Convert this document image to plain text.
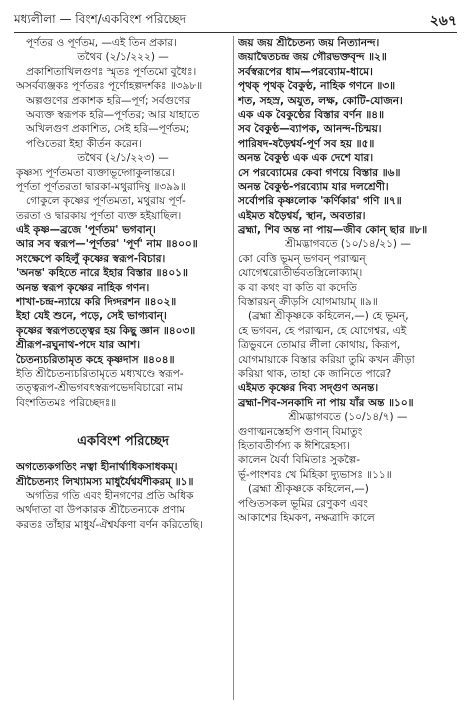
মধ্যলীলা — বিংশ/একবিংশ পরিচ্ছেদ	২৬৭
পূর্ণতর ও পূর্ণতম, —এই তিন প্রকার।
তথৈব (২/১/২২২) —
প্রকাশিতাখিলগুণঃ স্মৃতঃ পূর্ণতমো বুধৈঃ।
অসর্বব্যঞ্জকঃ পূর্ণতরঃ পূর্ণোহল্পদর্শকঃ ॥৩৯৮॥
অল্পগুণের প্রকাশক হরি—পূর্ণ; সর্বগুণের
অব্যক্ত স্বরূপক হরি—পূর্ণতর; আর যাহাতে
অখিলগুণ প্রকাশিত, সেই হরি—পূর্ণতম;
পণ্ডিতেরা ইহা কীর্তন করেন।
তথৈব (২/১/২২৩) —
কৃষ্ণস্য পূর্ণতমতা ব্যক্তাভূদ্গোকুলান্তরে।
পূর্ণতা পূর্ণতরতা দ্বারকা-মথুরাদিষু ॥৩৯৯॥
গোকুলে কৃষ্ণের পূর্ণতমতা, মথুরায় পূর্ণ-
তরতা ও দ্বারকায় পূর্ণতা ব্যক্ত হইয়াছিল।
এই কৃষ্ণ—ব্রজে 'পূর্ণতম' ভগবান্।
আর সব স্বরূপ—'পূর্ণতর' 'পূর্ণ' নাম ॥৪০০॥
সংক্ষেপে কহিলুঁ কৃষ্ণের স্বরূপ-বিচার।
'অনন্ত' কহিতে নারে ইহার বিস্তার ॥৪০১॥
অনন্ত স্বরূপ কৃষ্ণের নাহিক গণন।
শাখা-চন্দ্র-ন্যায়ে করি দিগ্দরশন ॥৪০২॥
ইহা যেই শুনে, পড়ে, সেই ভাগ্যবান্।
কৃষ্ণের স্বরূপতত্ত্বের হয় কিছু জ্ঞান ॥৪০৩॥
শ্রীরূপ-রঘুনাথ-পদে যার আশ।
চৈতন্যচরিতামৃত কহে কৃষ্ণদাস ॥৪০৪॥
ইতি শ্রীচৈতন্যচরিতামৃতে মধ্যখণ্ডে স্বরূপ-
তত্ত্বরূপ-শ্রীভগবৎস্বরূপভেদবিচারো নাম
বিংশতিতমঃ পরিচ্ছেদঃ॥
একবিংশ পরিচ্ছেদ
অগত্যেকগতিং নত্বা হীনার্থাধিকসাধকম্।
শ্রীচৈতন্যং লিখ্যামস্য মাধুর্যৈশ্বর্যশীকরম্ ॥১॥
অগতির গতি এবং হীনগণের প্রতি অধিক
অর্থদাতা বা উপকারক শ্রীচৈতন্যকে প্রণাম
করতঃ তাঁহার মাধুর্য-ঐশ্বর্যকণা বর্ণন করিতেছি।
জয় জয় শ্রীচৈতন্য জয় নিত্যানন্দ।
জয়াদ্বৈতচন্দ্র জয় গৌরভক্তবৃন্দ ॥২॥
সর্বস্বরূপের ধাম—পরব্যোম-ধামে।
পৃথক্ পৃথক্ বৈকুণ্ঠ, নাহিক গণনে ॥৩॥
শত, সহস্র, অযুত, লক্ষ, কোটি-যোজন।
এক এক বৈকুণ্ঠের বিস্তার বর্ণন ॥৪॥
সব বৈকুণ্ঠ—ব্যাপক, আনন্দ-চিন্ময়।
পারিষদ-ষড়ৈশ্বর্য-পূর্ণ সব হয় ॥৫॥
অনন্ত বৈকুণ্ঠ এক এক দেশে যার।
সে পরব্যোমের কেবা গণয়ে বিস্তার ॥৬॥
অনন্ত বৈকুণ্ঠ-পরব্যোম যার দলশ্রেণী।
সর্বোপরি কৃষ্ণলোক 'কর্ণিকার' গণি ॥৭॥
এইমত ষড়ৈশ্বর্য, স্থান, অবতার।
ব্রহ্মা, শিব অন্ত না পায়—জীব কোন্ ছার ॥৮॥
শ্রীমদ্ভাগবতে (১০/১৪/২১) —
কো বেত্তি ভূমন্ ভগবন্ পরাত্মন্
যোগেশ্বরোতীর্ভবতস্ত্রিলোক্যাম্।
ক বা কথং বা কতি বা কদেতি
বিস্তারয়ন্ ক্রীড়সি যোগমায়াম্ ॥৯॥
(ব্রহ্মা শ্রীকৃষ্ণকে কহিলেন,—) হে ভূমন্,
হে ভগবন, হে পরাত্মন, হে যোগেশ্বর, এই
ত্রিভুবনে তোমার লীলা কোথায়, কিরূপ,
যোগমায়াকে বিস্তার করিয়া তুমি কখন ক্রীড়া
করিয়া থাক, তাহা কে জানিতে পারে?
এইমত কৃষ্ণের দিব্য সদ্গুণ অনন্ত।
ব্রহ্মা-শিব-সনকাদি না পায় যাঁর অন্ত ॥১০॥
শ্রীমদ্ভাগবতে (১০/১৪/৭) —
গুণাত্মনস্তেহপি গুণান্ বিমাতুং
হিতাবতীর্ণস্য ক ঈশিরেহস্য।
কালেন যৈর্বা বিমিতাঃ সুকল্পৈ-
র্ভূ-পাংশবঃ খে মিহিকা দ্যুভাসঃ ॥১১॥
(ব্রহ্মা শ্রীকৃষ্ণকে কহিলেন,—)
পণ্ডিতসকল ভূমির রেণুকণ এবং
আকাশের হিমকণ, নক্ষত্রাদি কালে
